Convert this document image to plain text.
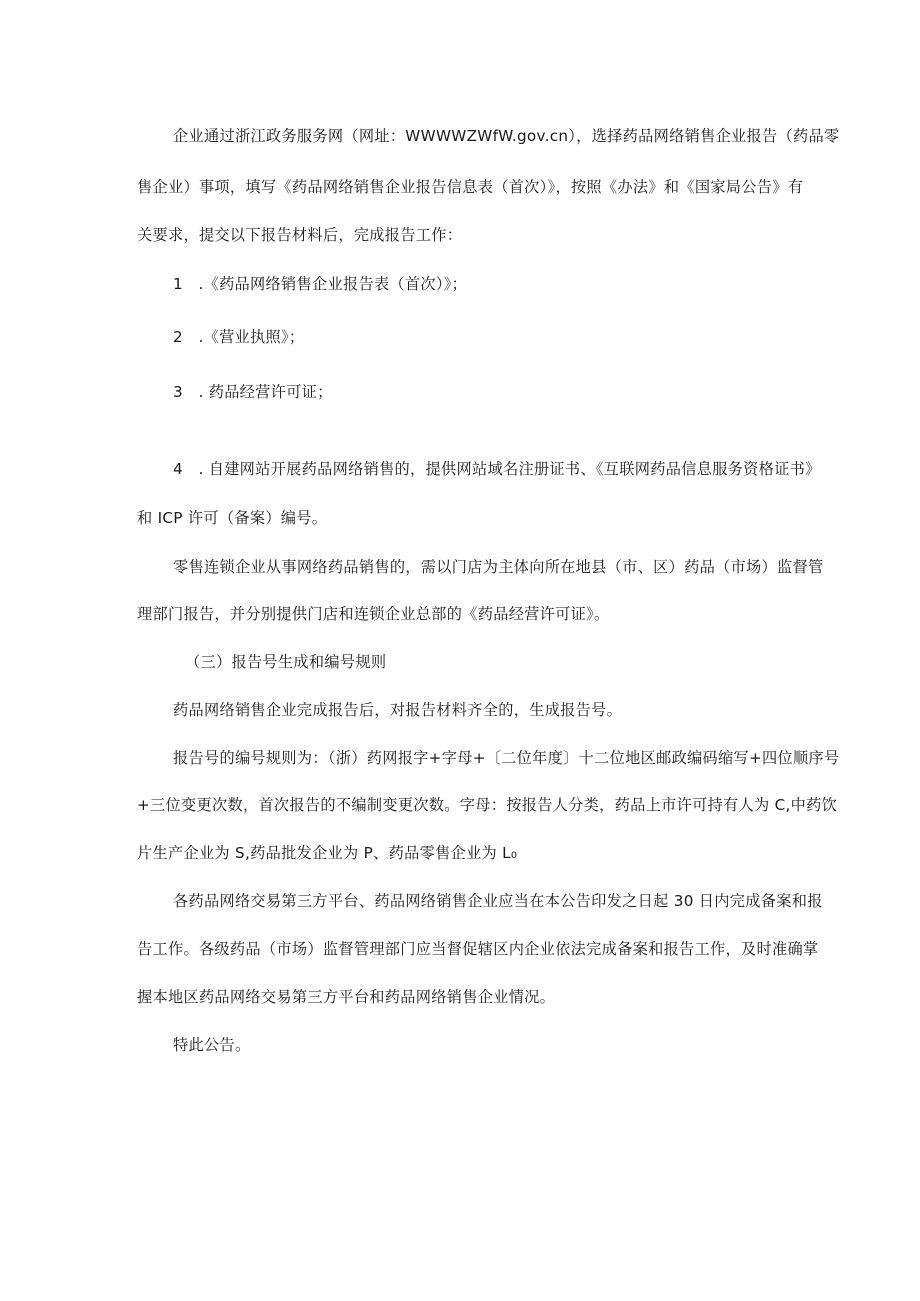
企业通过浙江政务服务网（网址：WWWWZWfW.gov.cn），选择药品网络销售企业报告（药品零
售企业）事项，填写《药品网络销售企业报告信息表（首次）》，按照《办法》和《国家局公告》有
关要求，提交以下报告材料后，完成报告工作：
1　.《药品网络销售企业报告表（首次）》；
2　.《营业执照》；
3　. 药品经营许可证；
4　. 自建网站开展药品网络销售的，提供网站域名注册证书、《互联网药品信息服务资格证书》
和 ICP 许可（备案）编号。
零售连锁企业从事网络药品销售的，需以门店为主体向所在地县（市、区）药品（市场）监督管
理部门报告，并分别提供门店和连锁企业总部的《药品经营许可证》。
（三）报告号生成和编号规则
药品网络销售企业完成报告后，对报告材料齐全的，生成报告号。
报告号的编号规则为：（浙）药网报字+字母+〔二位年度〕十二位地区邮政编码缩写+四位顺序号
+三位变更次数，首次报告的不编制变更次数。字母：按报告人分类，药品上市许可持有人为 C,中药饮
片生产企业为 S,药品批发企业为 P、药品零售企业为 L₀
各药品网络交易第三方平台、药品网络销售企业应当在本公告印发之日起 30 日内完成备案和报
告工作。各级药品（市场）监督管理部门应当督促辖区内企业依法完成备案和报告工作，及时准确掌
握本地区药品网络交易第三方平台和药品网络销售企业情况。
特此公告。
